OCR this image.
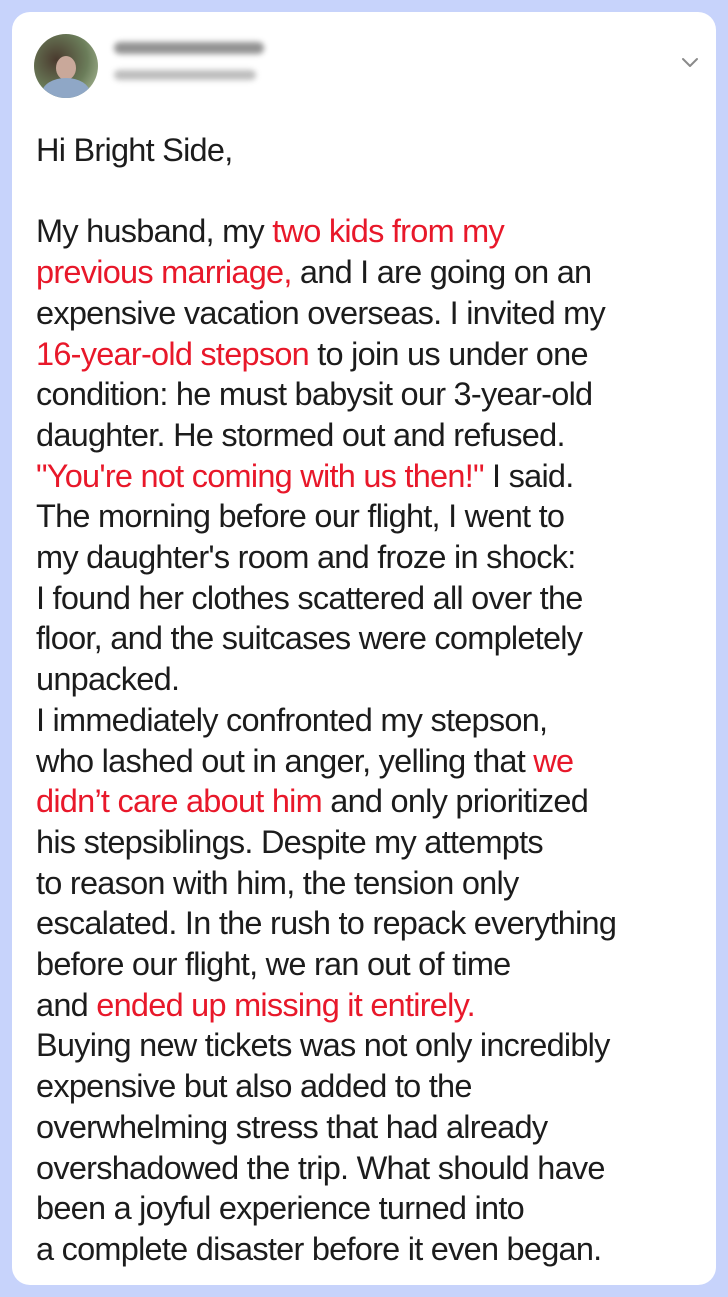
Hi Bright Side,
My husband, my two kids from my
previous marriage, and I are going on an
expensive vacation overseas. I invited my
16-year-old stepson to join us under one
condition: he must babysit our 3-year-old
daughter. He stormed out and refused.
"You're not coming with us then!" I said.
The morning before our flight, I went to
my daughter's room and froze in shock:
I found her clothes scattered all over the
floor, and the suitcases were completely
unpacked.
I immediately confronted my stepson,
who lashed out in anger, yelling that we
didn’t care about him and only prioritized
his stepsiblings. Despite my attempts
to reason with him, the tension only
escalated. In the rush to repack everything
before our flight, we ran out of time
and ended up missing it entirely.
Buying new tickets was not only incredibly
expensive but also added to the
overwhelming stress that had already
overshadowed the trip. What should have
been a joyful experience turned into
a complete disaster before it even began.
